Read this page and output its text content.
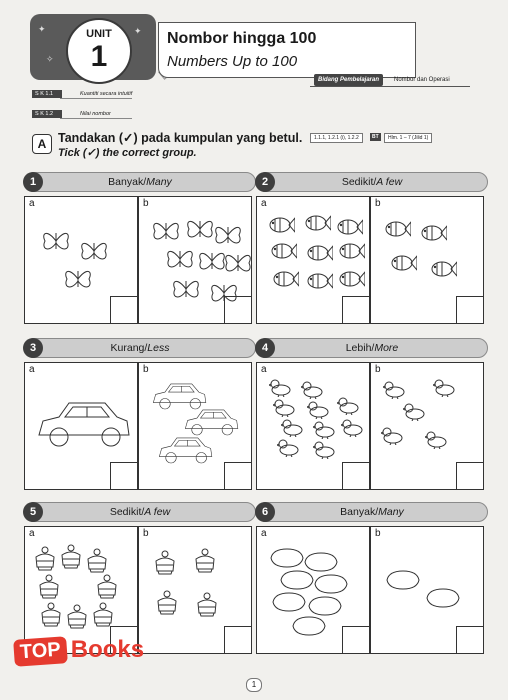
✦
✧
✦
UNIT
1
Nombor hingga 100
Numbers Up to 100
Bidang Pembelajaran	Nombor dan Operasi
S K 1.1	Kuantiti secara intuitif
S K 1.2	Nilai nombor
A Tandakan (✓) pada kumpulan yang betul.
Tick (✓) the correct group.
1.1.1, 1.2.1 (i), 1.2.2	BT	Hlm. 1 – 7 (Jilid 1)
1	Banyak/Many
a	b
2	Sedikit/A few
a	b
3	Kurang/Less
a	b
4	Lebih/More
a	b
5	Sedikit/A few
a	b
6	Banyak/Many
a	b
1
TOP Books
